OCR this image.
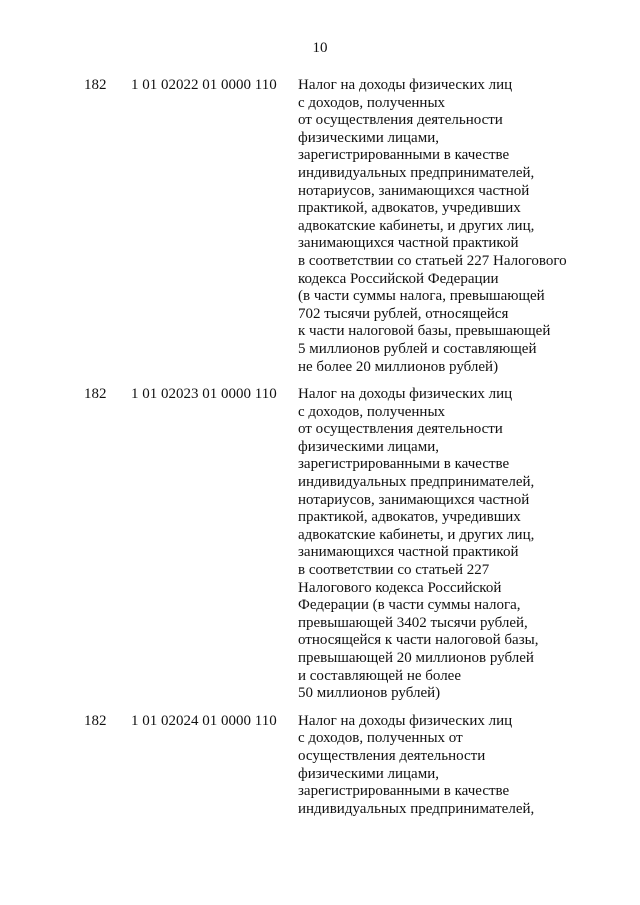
10
182 1 01 02022 01 0000 110 Налог на доходы физических лиц
с доходов, полученных
от осуществления деятельности
физическими лицами,
зарегистрированными в качестве
индивидуальных предпринимателей,
нотариусов, занимающихся частной
практикой, адвокатов, учредивших
адвокатские кабинеты, и других лиц,
занимающихся частной практикой
в соответствии со статьей 227 Налогового
кодекса Российской Федерации
(в части суммы налога, превышающей
702 тысячи рублей, относящейся
к части налоговой базы, превышающей
5 миллионов рублей и составляющей
не более 20 миллионов рублей)
182 1 01 02023 01 0000 110 Налог на доходы физических лиц
с доходов, полученных
от осуществления деятельности
физическими лицами,
зарегистрированными в качестве
индивидуальных предпринимателей,
нотариусов, занимающихся частной
практикой, адвокатов, учредивших
адвокатские кабинеты, и других лиц,
занимающихся частной практикой
в соответствии со статьей 227
Налогового кодекса Российской
Федерации (в части суммы налога,
превышающей 3402 тысячи рублей,
относящейся к части налоговой базы,
превышающей 20 миллионов рублей
и составляющей не более
50 миллионов рублей)
182 1 01 02024 01 0000 110 Налог на доходы физических лиц
с доходов, полученных от
осуществления деятельности
физическими лицами,
зарегистрированными в качестве
индивидуальных предпринимателей,
